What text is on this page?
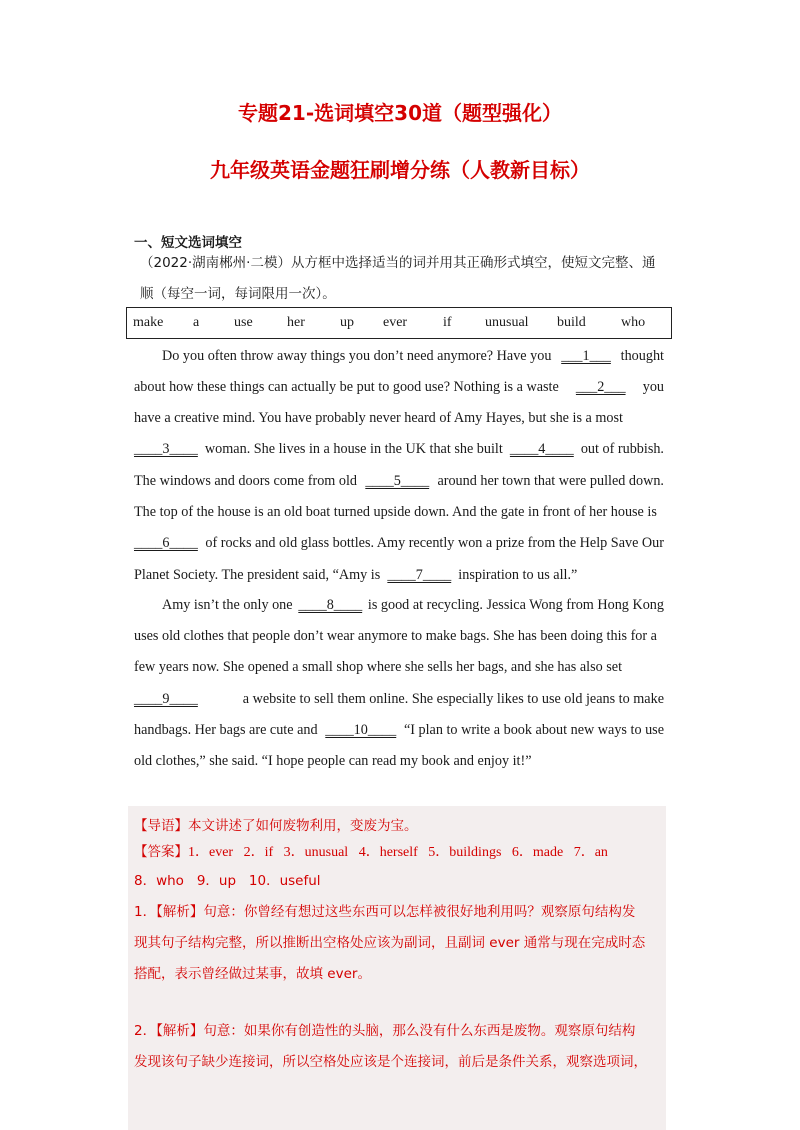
专题21-选词填空30道（题型强化）
九年级英语金题狂刷增分练（人教新目标）
一、短文选词填空
（2022·湖南郴州·二模）从方框中选择适当的词并用其正确形式填空，使短文完整、通
顺（每空一词，每词限用一次）。
make a use her	up ever	if unusual build	who
Do you often throw away things you don’t need anymore? Have you ___1___ thought
about how these things can actually be put to good use? Nothing is a waste ___2___ you
have a creative mind. You have probably never heard of Amy Hayes, but she is a most
____3____ woman. She lives in a house in the UK that she built ____4____ out of rubbish.
The windows and doors come from old ____5____ around her town that were pulled down.
The top of the house is an old boat turned upside down. And the gate in front of her house is
____6____ of rocks and old glass bottles. Amy recently won a prize from the Help Save Our
Planet Society. The president said, “Amy is
____7____
inspiration to us all.”
Amy isn’t the only one ____8____ is good at recycling. Jessica Wong from Hong Kong
uses old clothes that people don’t wear anymore to make bags. She has been doing this for a
few years now. She opened a small shop where she sells her bags, and she has also set
____9____	a website to sell them online. She especially likes to use old jeans to make
handbags. Her bags are cute and ____10____ “I plan to write a book about new ways to use
old clothes,” she said. “I hope people can read my book and enjoy it!”
【导语】本文讲述了如何废物利用，变废为宝。
【答案】1．ever   2．if   3．unusual   4．herself   5．buildings   6．made   7．an
8．who   9．up   10．useful
1．【解析】句意：你曾经有想过这些东西可以怎样被很好地利用吗？观察原句结构发
现其句子结构完整，所以推断出空格处应该为副词，且副词 ever 通常与现在完成时态
搭配，表示曾经做过某事，故填 ever。
2．【解析】句意：如果你有创造性的头脑，那么没有什么东西是废物。观察原句结构
发现该句子缺少连接词，所以空格处应该是个连接词，前后是条件关系，观察选项词，
